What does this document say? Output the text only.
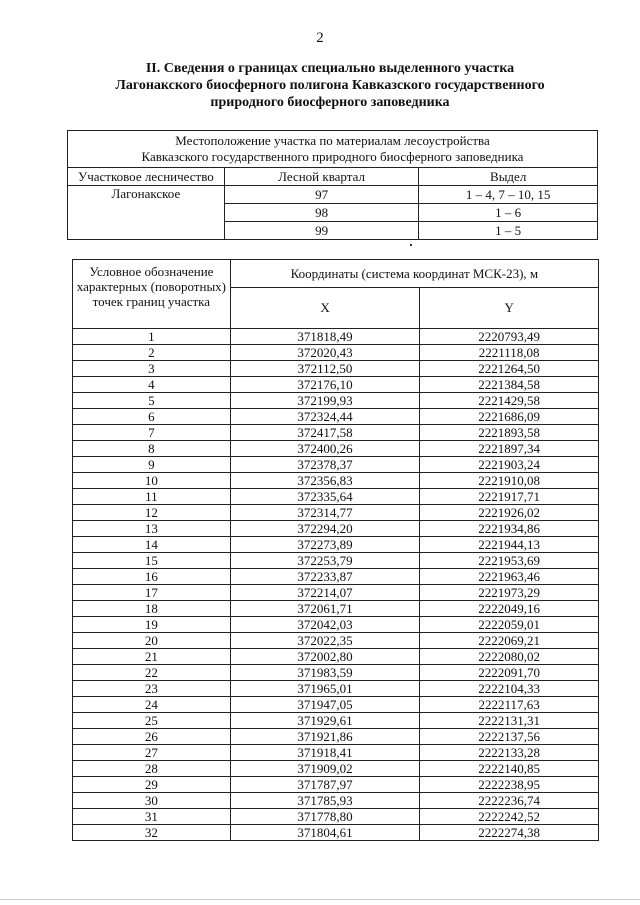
2
II. Сведения о границах специально выделенного участка
Лагонакского биосферного полигона Кавказского государственного
природного биосферного заповедника
Местоположение участка по материалам лесоустройства
Кавказского государственного природного биосферного заповедника		

Участковое лесничество	Лесной квартал	Выдел
Лагонакское	97	1 – 4, 7 – 10, 15
	98	1 – 6
	99	1 – 5
Условное обозначение характерных (поворотных) точек границ участка	Координаты (система координат МСК-23), м	
	X	Y
1	371818,49	2220793,49
2	372020,43	2221118,08
3	372112,50	2221264,50
4	372176,10	2221384,58
5	372199,93	2221429,58
6	372324,44	2221686,09
7	372417,58	2221893,58
8	372400,26	2221897,34
9	372378,37	2221903,24
10	372356,83	2221910,08
11	372335,64	2221917,71
12	372314,77	2221926,02
13	372294,20	2221934,86
14	372273,89	2221944,13
15	372253,79	2221953,69
16	372233,87	2221963,46
17	372214,07	2221973,29
18	372061,71	2222049,16
19	372042,03	2222059,01
20	372022,35	2222069,21
21	372002,80	2222080,02
22	371983,59	2222091,70
23	371965,01	2222104,33
24	371947,05	2222117,63
25	371929,61	2222131,31
26	371921,86	2222137,56
27	371918,41	2222133,28
28	371909,02	2222140,85
29	371787,97	2222238,95
30	371785,93	2222236,74
31	371778,80	2222242,52
32	371804,61	2222274,38
